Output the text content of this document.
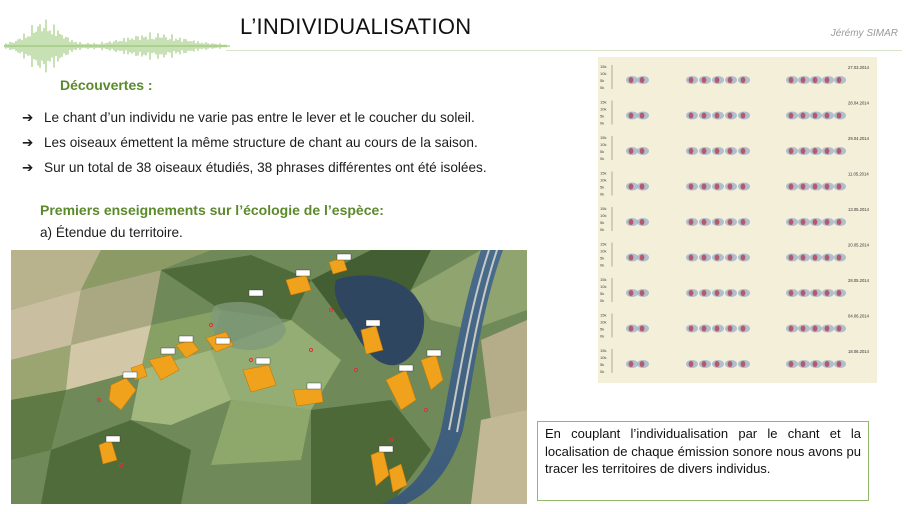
L’INDIVIDUALISATION	Jérémy SIMAR
Découvertes :
➔ Le chant d’un individu ne varie pas entre le lever et le coucher du soleil.
➔ Les oiseaux émettent la même structure de chant au cours de la saison.
➔ Sur un total de 38 oiseaux étudiés, 38 phrases différentes ont été isolées.
Premiers enseignements sur l’écologie de l’espèce:
a) Étendue du territoire.
15k
10k
5k
0k
27.03.2014
15k
10k
5k
0k
28.04.2014
15k
10k
5k
0k
29.04.2014
15k
10k
5k
0k
11.05.2014
15k
10k
5k
0k
13.05.2014
15k
10k
5k
0k
20.05.2014
15k
10k
5k
0k
28.05.2014
15k
10k
5k
0k
04.06.2014
15k
10k
5k
0k
18.06.2014
En couplant l’individualisation par le chant et la localisation de chaque émission sonore nous avons pu tracer les territoires de divers individus.
